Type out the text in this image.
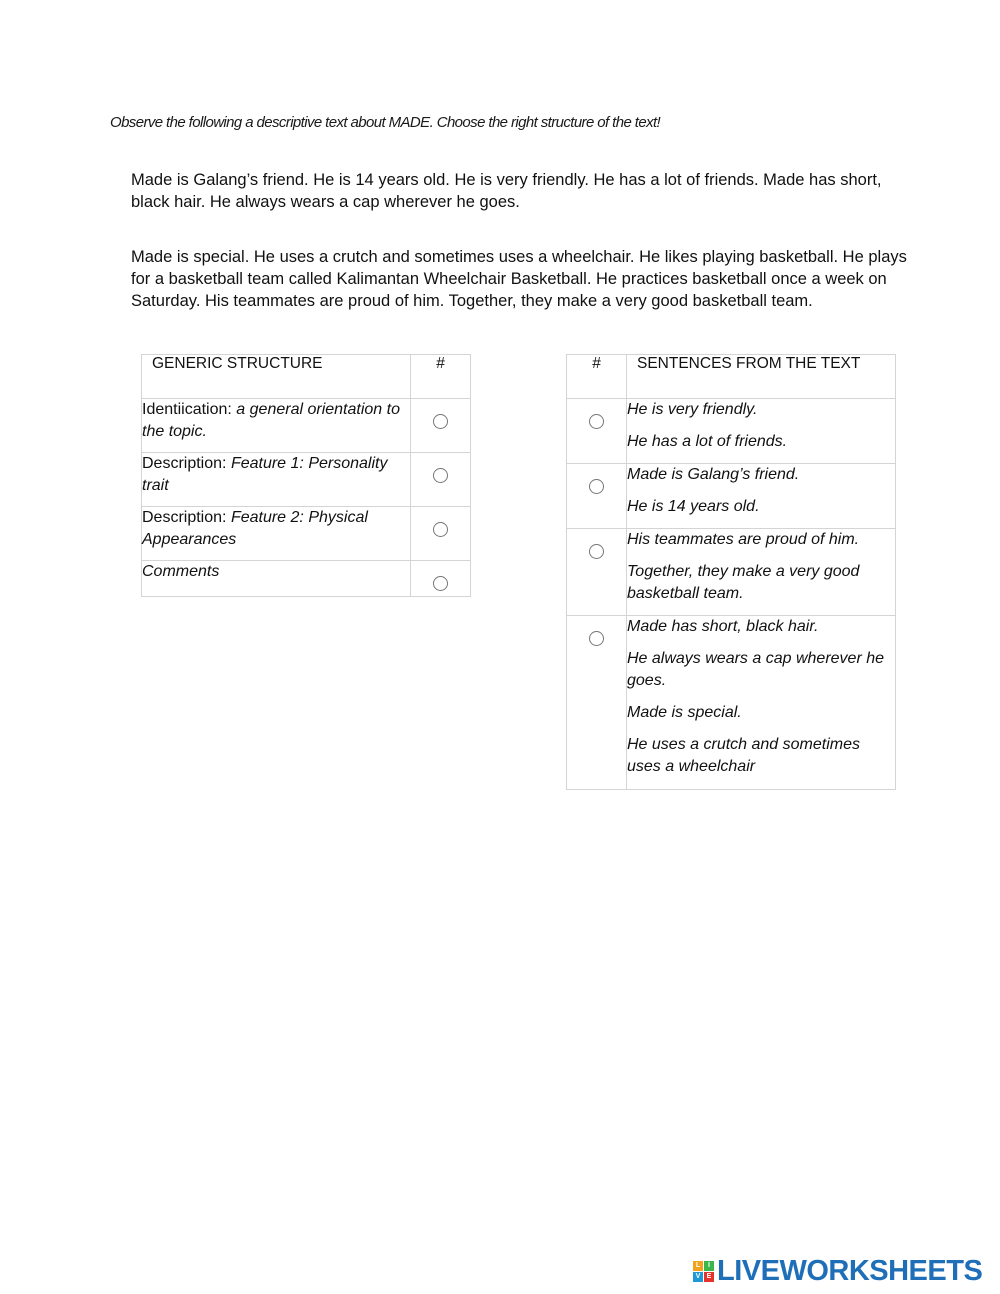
Observe the following a descriptive text about MADE. Choose the right structure of the text!
Made is Galang’s friend. He is 14 years old. He is very friendly. He has a lot of friends. Made has short, black hair. He always wears a cap wherever he goes.
Made is special. He uses a crutch and sometimes uses a wheelchair. He likes playing basketball. He plays for a basketball team called Kalimantan Wheelchair Basketball. He practices basketball once a week on Saturday. His teammates are proud of him. Together, they make a very good basketball team.
GENERIC STRUCTURE	#
Identiication: a general orientation to the topic.	
Description: Feature 1: Personality trait	
Description: Feature 2: Physical Appearances	
Comments	
#	SENTENCES FROM THE TEXT

	He is very friendly.
He has a lot of friends.

	Made is Galang’s friend.
He is 14 years old.

	His teammates are proud of him.
Together, they make a very good basketball team.

	Made has short, black hair.
He always wears a cap wherever he goes.
Made is special.
He uses a crutch and sometimes uses a wheelchair
L	I
V E LIVEWORKSHEETS
